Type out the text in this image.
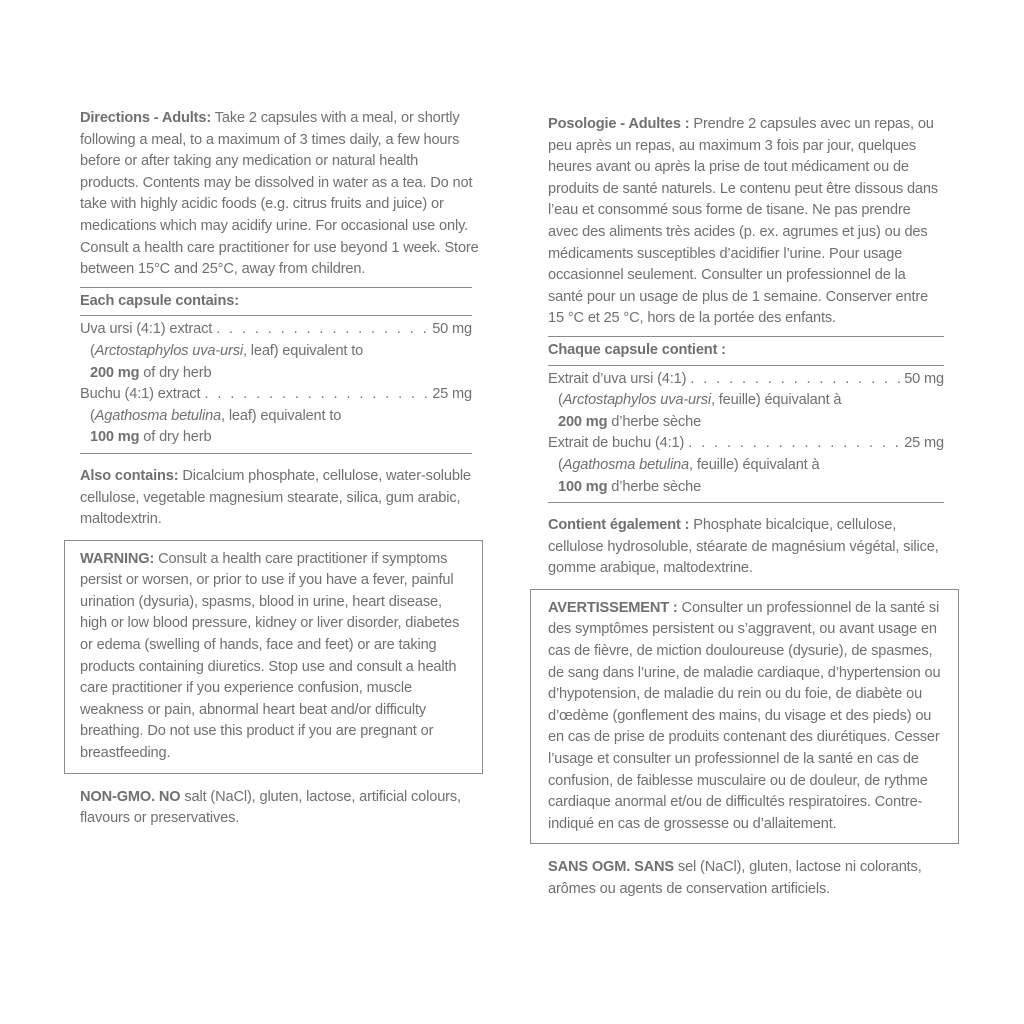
Directions - Adults: Take 2 capsules with a meal, or shortly following a meal, to a maximum of 3 times daily, a few hours before or after taking any medication or natural health products. Contents may be dissolved in water as a tea. Do not take with highly acidic foods (e.g. citrus fruits and juice) or medications which may acidify urine. For occasional use only. Consult a health care practitioner for use beyond 1 week. Store between 15°C and 25°C, away from children.

Each capsule contains:
Uva ursi (4:1) extract . . .	50 mg
(Arctostaphylos uva-ursi, leaf) equivalent to
200 mg of dry herb
Buchu (4:1) extract . . .	25 mg
(Agathosma betulina, leaf) equivalent to
100 mg of dry herb

Also contains: Dicalcium phosphate, cellulose, water-soluble cellulose, vegetable magnesium stearate, silica, gum arabic, maltodextrin.

WARNING: Consult a health care practitioner if symptoms persist or worsen, or prior to use if you have a fever, painful urination (dysuria), spasms, blood in urine, heart disease, high or low blood pressure, kidney or liver disorder, diabetes or edema (swelling of hands, face and feet) or are taking products containing diuretics. Stop use and consult a health care practitioner if you experience confusion, muscle weakness or pain, abnormal heart beat and/or difficulty breathing. Do not use this product if you are pregnant or breastfeeding.

NON-GMO. NO salt (NaCl), gluten, lactose, artificial colours, flavours or preservatives.

Posologie - Adultes : Prendre 2 capsules avec un repas, ou peu après un repas, au maximum 3 fois par jour, quelques heures avant ou après la prise de tout médicament ou de produits de santé naturels. Le contenu peut être dissous dans l’eau et consommé sous forme de tisane. Ne pas prendre avec des aliments très acides (p. ex. agrumes et jus) ou des médicaments susceptibles d’acidifier l’urine. Pour usage occasionnel seulement. Consulter un professionnel de la santé pour un usage de plus de 1 semaine. Conserver entre 15 °C et 25 °C, hors de la portée des enfants.

Chaque capsule contient :
Extrait d’uva ursi (4:1) . . .	50 mg
(Arctostaphylos uva-ursi, feuille) équivalant à
200 mg d’herbe sèche
Extrait de buchu (4:1) . . .	25 mg
(Agathosma betulina, feuille) équivalant à
100 mg d’herbe sèche

Contient également : Phosphate bicalcique, cellulose, cellulose hydrosoluble, stéarate de magnésium végétal, silice, gomme arabique, maltodextrine.

AVERTISSEMENT : Consulter un professionnel de la santé si des symptômes persistent ou s’aggravent, ou avant usage en cas de fièvre, de miction douloureuse (dysurie), de spasmes, de sang dans l’urine, de maladie cardiaque, d’hypertension ou d’hypotension, de maladie du rein ou du foie, de diabète ou d’œdème (gonflement des mains, du visage et des pieds) ou en cas de prise de produits contenant des diurétiques. Cesser l’usage et consulter un professionnel de la santé en cas de confusion, de faiblesse musculaire ou de douleur, de rythme cardiaque anormal et/ou de difficultés respiratoires. Contre-indiqué en cas de grossesse ou d’allaitement.

SANS OGM. SANS sel (NaCl), gluten, lactose ni colorants, arômes ou agents de conservation artificiels.
